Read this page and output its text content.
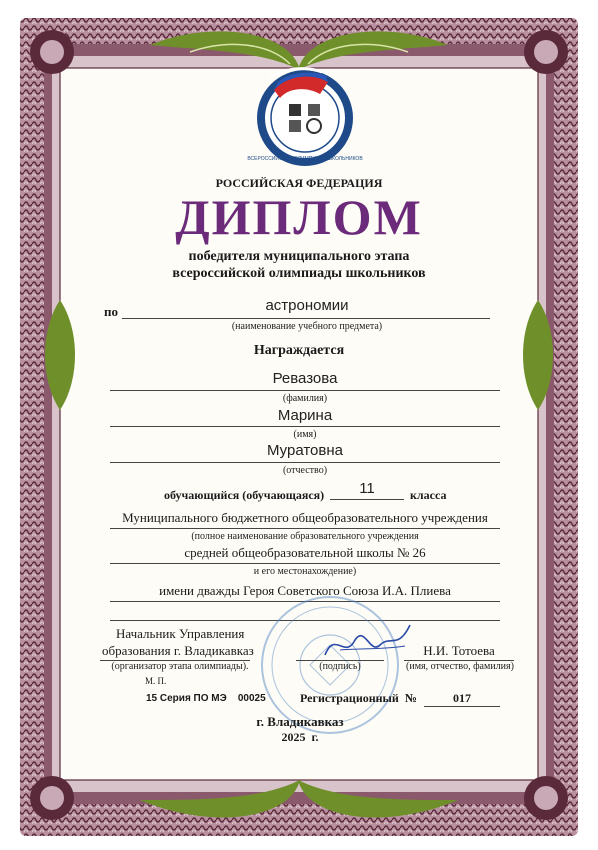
ВСЕРОССИЙСКАЯ ОЛИМПИАДА ШКОЛЬНИКОВ
РОССИЙСКАЯ ФЕДЕРАЦИЯ
ДИПЛОМ
победителя муниципального этапа
всероссийской олимпиады школьников
по	астрономии
(наименование учебного предмета)
Награждается
Ревазова
(фамилия)
Марина
(имя)
Муратовна
(отчество)
обучающийся (обучающаяся)	11	класса
Муниципального бюджетного общеобразовательного учреждения
(полное наименование образовательного учреждения
средней общеобразовательной школы № 26
и его местонахождение)
имени дважды Героя Советского Союза И.А. Плиева
Начальник Управления
образования г. Владикавказ
(организатор этапа олимпиады).	(подпись)
Н.И. Тотоева
(имя, отчество, фамилия)
М. П.
15 Серия ПО МЭ    00025	Регистрационный  №	017
г. Владикавказ
2025  г.
